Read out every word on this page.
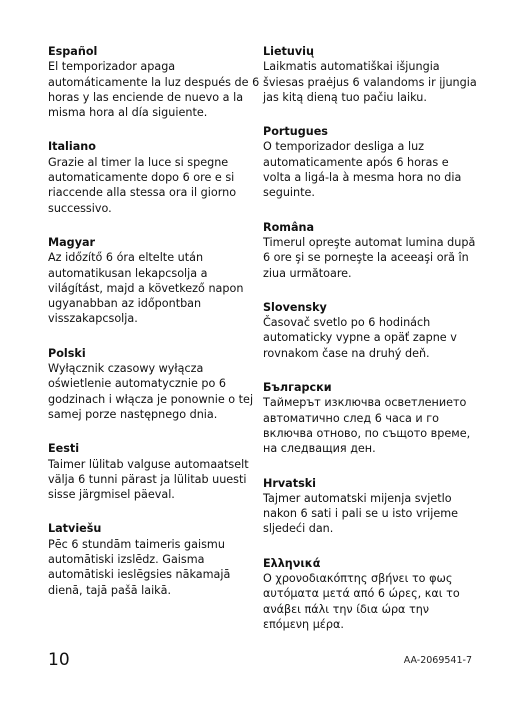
Español

El temporizador apaga automáticamente la luz después de 6 horas y las enciende de nuevo a la misma hora al día siguiente.

Italiano

Grazie al timer la luce si spegne automaticamente dopo 6 ore e si riaccende alla stessa ora il giorno successivo.

Magyar

Az időzítő 6 óra eltelte után automatikusan lekapcsolja a világítást, majd a következő napon ugyanabban az időpontban visszakapcsolja.

Polski

Wyłącznik czasowy wyłącza oświetlenie automatycznie po 6 godzinach i włącza je ponownie o tej samej porze następnego dnia.

Eesti

Taimer lülitab valguse automaatselt välja 6 tunni pärast ja lülitab uuesti sisse järgmisel päeval.

Latviešu

Pēc 6 stundām taimeris gaismu automātiski izslēdz. Gaisma automātiski ieslēgsies nākamajā dienā, tajā pašā laikā.

Lietuvių

Laikmatis automatiškai išjungia šviesas praėjus 6 valandoms ir įjungia jas kitą dieną tuo pačiu laiku.

Portugues

O temporizador desliga a luz automaticamente após 6 horas e volta a ligá-la à mesma hora no dia seguinte.

Româna

Timerul opreşte automat lumina după 6 ore şi se porneşte la aceeaşi oră în ziua următoare.

Slovensky

Časovač svetlo po 6 hodinách automaticky vypne a opäť zapne v rovnakom čase na druhý deň.

Български

Таймерът изключва осветлението автоматично след 6 часа и го включва отново, по същото време, на следващия ден.

Hrvatski

Tajmer automatski mijenja svjetlo nakon 6 sati i pali se u isto vrijeme sljedeći dan.

Ελληνικά

Ο χρονοδιακόπτης σβήνει το φως αυτόματα μετά από 6 ώρες, και το ανάβει πάλι την ίδια ώρα την επόμενη μέρα.

10	AA-2069541-7
